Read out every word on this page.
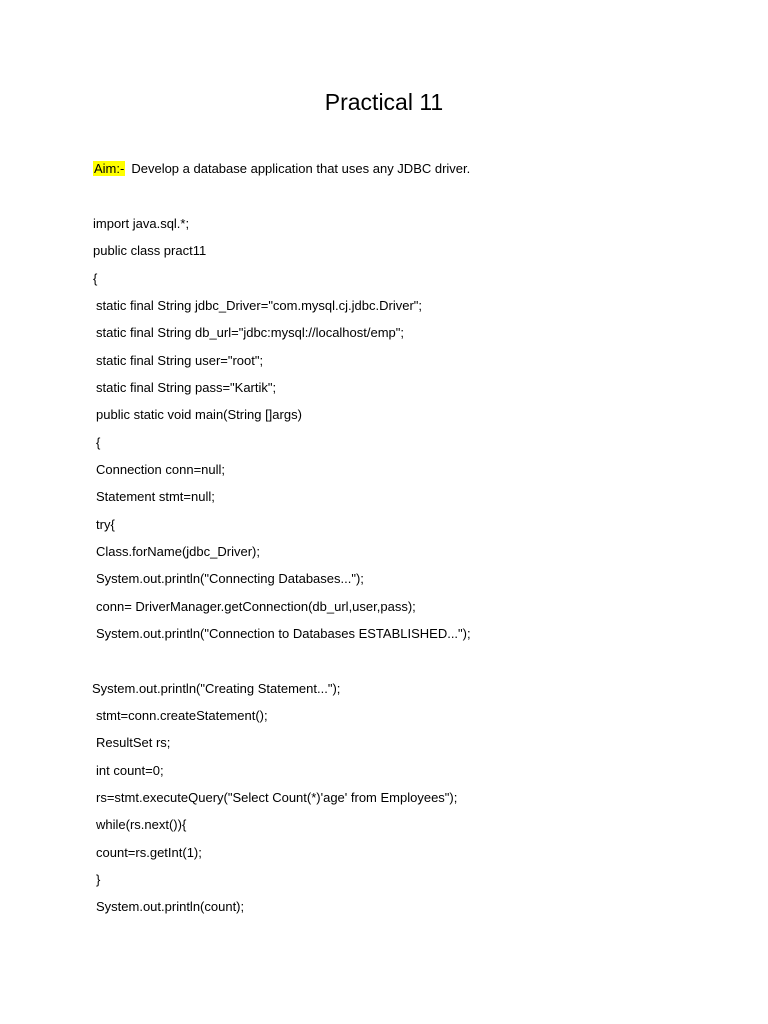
Practical 11
Aim:- Develop a database application that uses any JDBC driver.
import java.sql.*;
public class pract11
{
static final String jdbc_Driver="com.mysql.cj.jdbc.Driver";
static final String db_url="jdbc:mysql://localhost/emp";
static final String user="root";
static final String pass="Kartik";
public static void main(String []args)
{
Connection conn=null;
Statement stmt=null;
try{
Class.forName(jdbc_Driver);
System.out.println("Connecting Databases...");
conn= DriverManager.getConnection(db_url,user,pass);
System.out.println("Connection to Databases ESTABLISHED...");
System.out.println("Creating Statement...");
stmt=conn.createStatement();
ResultSet rs;
int count=0;
rs=stmt.executeQuery("Select Count(*)'age' from Employees");
while(rs.next()){
count=rs.getInt(1);
}
System.out.println(count);
